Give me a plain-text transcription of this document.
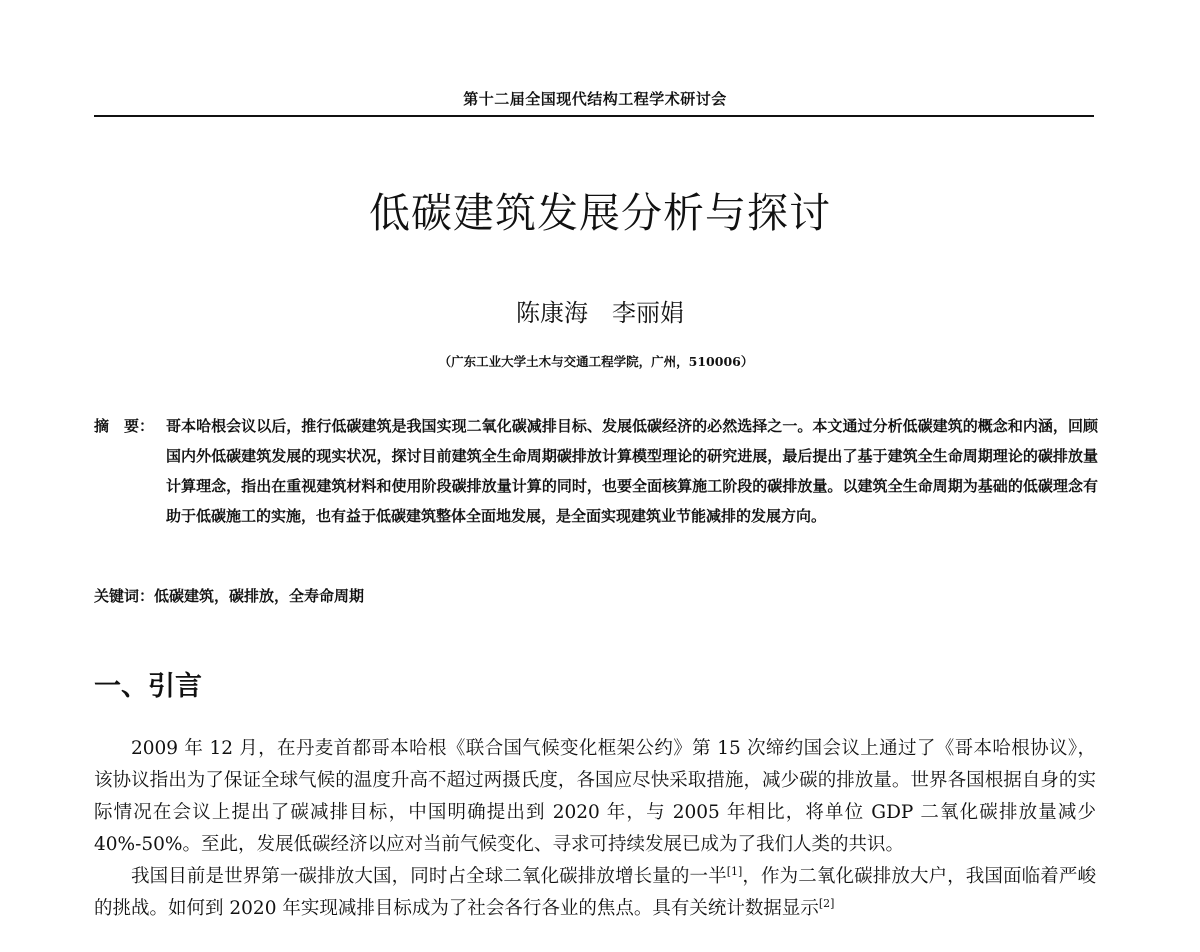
第十二届全国现代结构工程学术研讨会
低碳建筑发展分析与探讨
陈康海　李丽娟
（广东工业大学土木与交通工程学院，广州，510006）
摘　要： 哥本哈根会议以后，推行低碳建筑是我国实现二氧化碳减排目标、发展低碳经济的必然选择之一。本文通过分析低碳建筑的概念和内涵，回顾国内外低碳建筑发展的现实状况，探讨目前建筑全生命周期碳排放计算模型理论的研究进展，最后提出了基于建筑全生命周期理论的碳排放量计算理念，指出在重视建筑材料和使用阶段碳排放量计算的同时，也要全面核算施工阶段的碳排放量。以建筑全生命周期为基础的低碳理念有助于低碳施工的实施，也有益于低碳建筑整体全面地发展，是全面实现建筑业节能减排的发展方向。
关键词：低碳建筑，碳排放，全寿命周期
一、引言

2009 年 12 月，在丹麦首都哥本哈根《联合国气候变化框架公约》第 15 次缔约国会议上通过了《哥本哈根协议》，该协议指出为了保证全球气候的温度升高不超过两摄氏度，各国应尽快采取措施，减少碳的排放量。世界各国根据自身的实际情况在会议上提出了碳减排目标，中国明确提出到 2020 年，与 2005 年相比，将单位 GDP 二氧化碳排放量减少 40%-50%。至此，发展低碳经济以应对当前气候变化、寻求可持续发展已成为了我们人类的共识。

我国目前是世界第一碳排放大国，同时占全球二氧化碳排放增长量的一半[1]，作为二氧化碳排放大户，我国面临着严峻的挑战。如何到 2020 年实现减排目标成为了社会各行各业的焦点。具有关统计数据显示[2]
